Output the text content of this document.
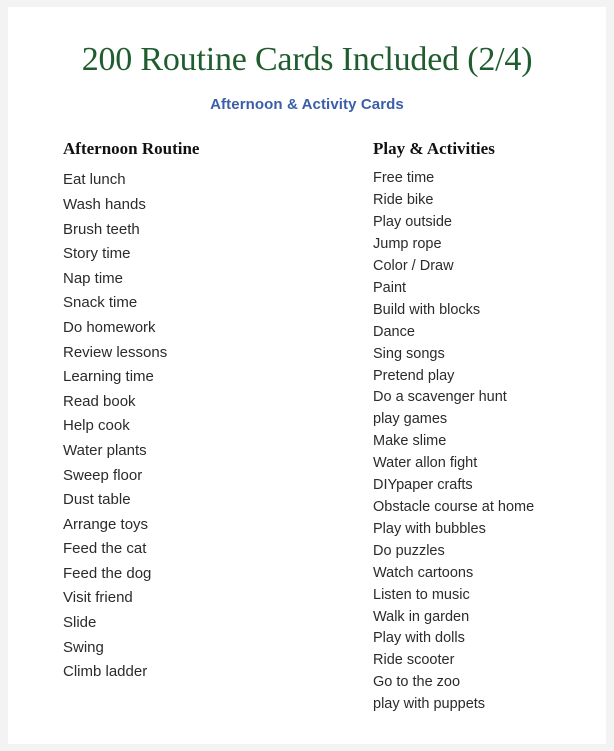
200 Routine Cards Included (2/4)
Afternoon & Activity Cards
Afternoon Routine
Eat lunch
Wash hands
Brush teeth
Story time
Nap time
Snack time
Do homework
Review lessons
Learning time
Read book
Help cook
Water plants
Sweep floor
Dust table
Arrange toys
Feed the cat
Feed the dog
Visit friend
Slide
Swing
Climb ladder
Play & Activities
Free time
Ride bike
Play outside
Jump rope
Color / Draw
Paint
Build with blocks
Dance
Sing songs
Pretend play
Do a scavenger hunt
play games
Make slime
Water allon fight
DIYpaper crafts
Obstacle course at home
Play with bubbles
Do puzzles
Watch cartoons
Listen to music
Walk in garden
Play with dolls
Ride scooter
Go to the zoo
play with puppets
